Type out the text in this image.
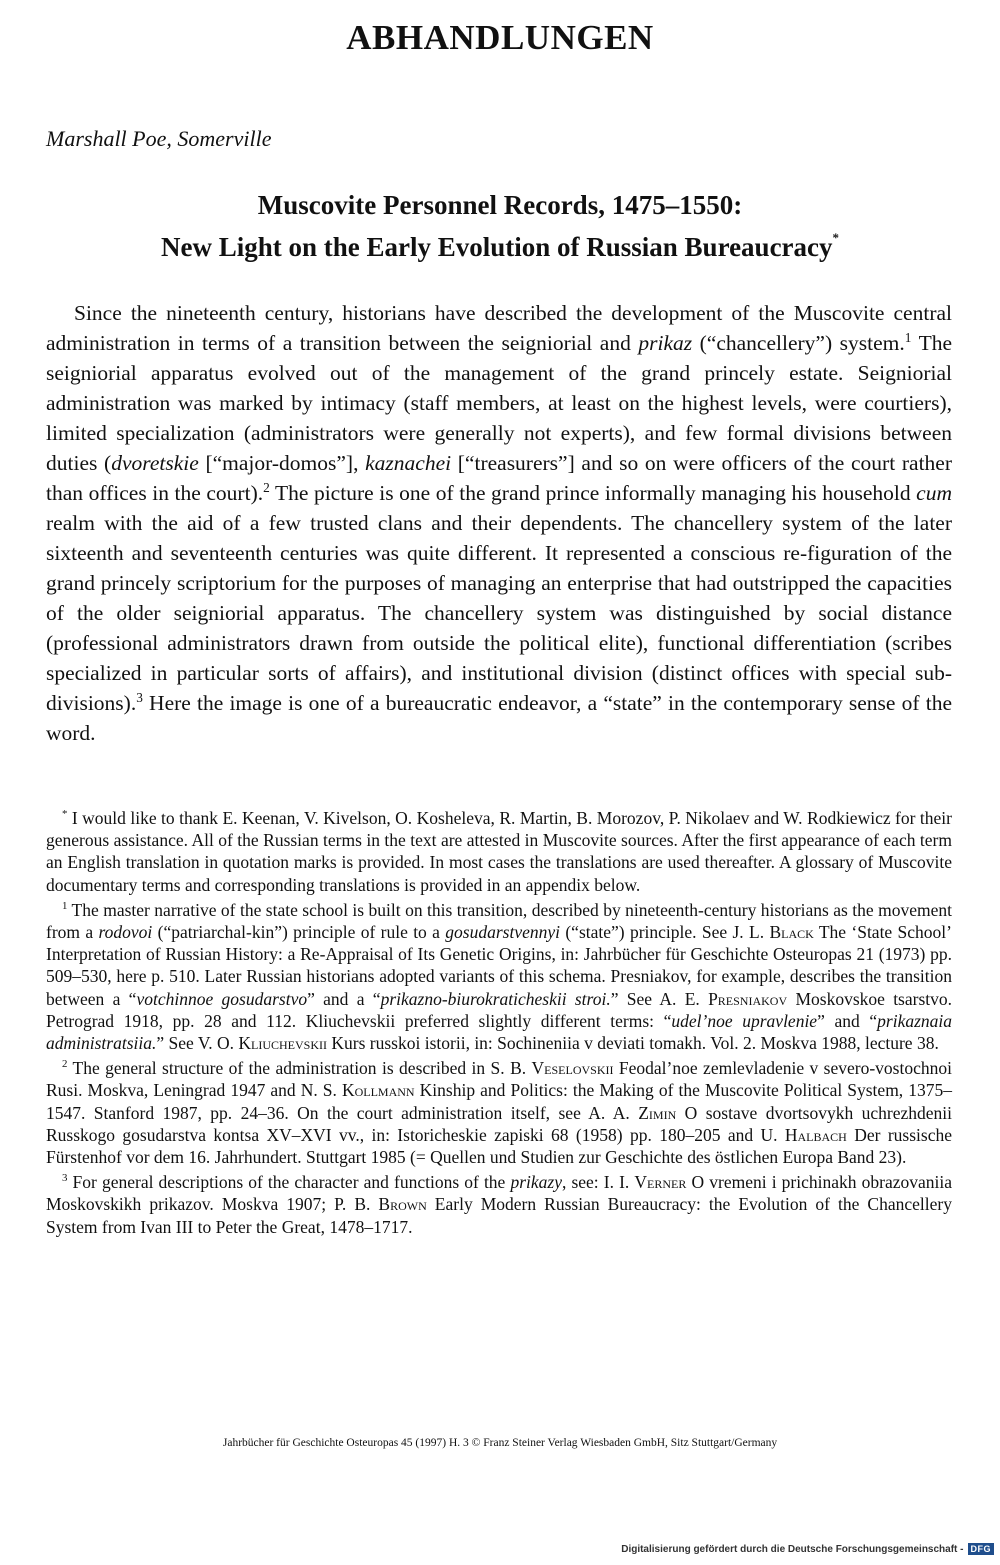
ABHANDLUNGEN
Marshall Poe, Somerville
Muscovite Personnel Records, 1475–1550:
New Light on the Early Evolution of Russian Bureaucracy*

Since the nineteenth century, historians have described the development of the Muscovite central administration in terms of a transition between the seigniorial and prikaz (“chancellery”) system.$^1$ The seigniorial apparatus evolved out of the management of the grand princely estate. Seigniorial administration was marked by intimacy (staff members, at least on the highest levels, were courtiers), limited specialization (administrators were generally not experts), and few formal divisions between duties (dvoretskie [“major-domos”], kaznachei [“treasurers”] and so on were officers of the court rather than offices in the court).$^2$ The picture is one of the grand prince informally managing his household cum realm with the aid of a few trusted clans and their dependents. The chancellery system of the later sixteenth and seventeenth centuries was quite different. It represented a conscious re-figuration of the grand princely scriptorium for the purposes of managing an enterprise that had outstripped the capacities of the older seigniorial apparatus. The chancellery system was distinguished by social distance (professional administrators drawn from outside the political elite), functional differentiation (scribes specialized in particular sorts of affairs), and institutional division (distinct offices with special sub-divisions).$^3$ Here the image is one of a bureaucratic endeavor, a “state” in the contemporary sense of the word.

* I would like to thank E. Keenan, V. Kivelson, O. Kosheleva, R. Martin, B. Morozov, P. Nikolaev and W. Rodkiewicz for their generous assistance. All of the Russian terms in the text are attested in Muscovite sources. After the first appearance of each term an English translation in quotation marks is provided. In most cases the translations are used thereafter. A glossary of Muscovite documentary terms and corresponding translations is provided in an appendix below.

$^1$ The master narrative of the state school is built on this transition, described by nineteenth-century historians as the movement from a rodovoi (“patriarchal-kin”) principle of rule to a gosudarstvennyi (“state”) principle. See J. L. Black The ‘State School’ Interpretation of Russian History: a Re-Appraisal of Its Genetic Origins, in: Jahrbücher für Geschichte Osteuropas 21 (1973) pp. 509–530, here p. 510. Later Russian historians adopted variants of this schema. Presniakov, for example, describes the transition between a “votchinnoe gosudarstvo” and a “prikazno-biurokraticheskii stroi.” See A. E. Presniakov Moskovskoe tsarstvo. Petrograd 1918, pp. 28 and 112. Kliuchevskii preferred slightly different terms: “udel’noe upravlenie” and “prikaznaia administratsiia.” See V. O. Kliuchevskii Kurs russkoi istorii, in: Sochineniia v deviati tomakh. Vol. 2. Moskva 1988, lecture 38.

$^2$ The general structure of the administration is described in S. B. Veselovskii Feodal’noe zemlevladenie v severo-vostochnoi Rusi. Moskva, Leningrad 1947 and N. S. Kollmann Kinship and Politics: the Making of the Muscovite Political System, 1375–1547. Stanford 1987, pp. 24–36. On the court administration itself, see A. A. Zimin O sostave dvortsovykh uchrezhdenii Russkogo gosudarstva kontsa XV–XVI vv., in: Istoricheskie zapiski 68 (1958) pp. 180–205 and U. Halbach Der russische Fürstenhof vor dem 16. Jahrhundert. Stuttgart 1985 (= Quellen und Studien zur Geschichte des östlichen Europa Band 23).

$^3$ For general descriptions of the character and functions of the prikazy, see: I. I. Verner O vremeni i prichinakh obrazovaniia Moskovskikh prikazov. Moskva 1907; P. B. Brown Early Modern Russian Bureaucracy: the Evolution of the Chancellery System from Ivan III to Peter the Great, 1478–1717.

Jahrbücher für Geschichte Osteuropas 45 (1997) H. 3 © Franz Steiner Verlag Wiesbaden GmbH, Sitz Stuttgart/Germany

Digitalisierung gefördert durch die Deutsche Forschungsgemeinschaft - DFG
